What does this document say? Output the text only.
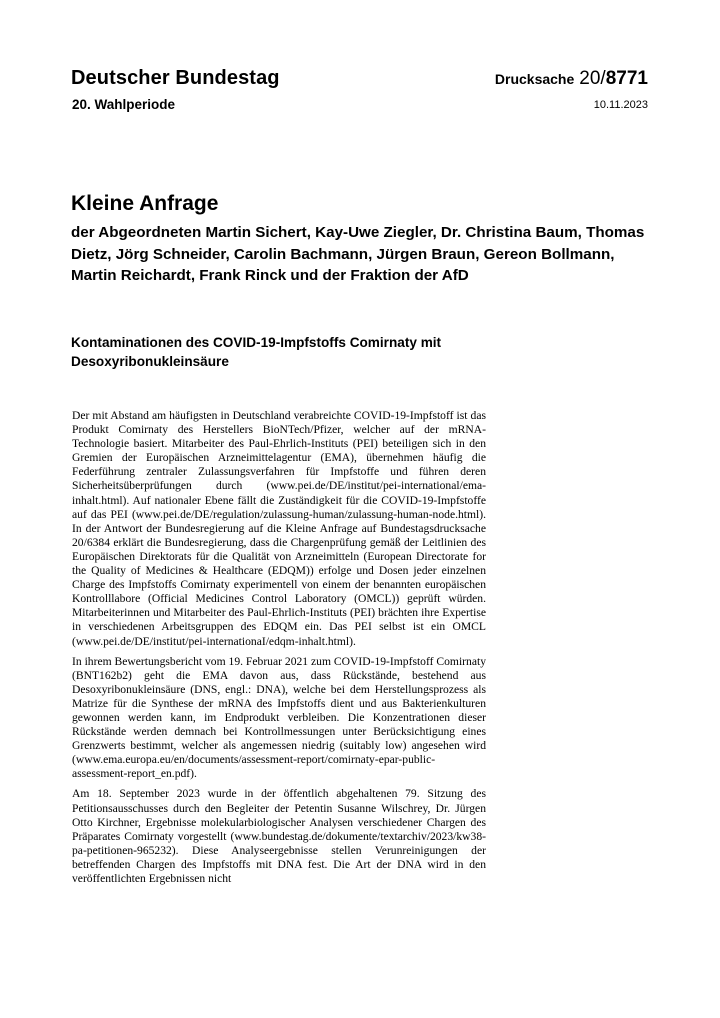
Deutscher Bundestag
20. Wahlperiode
Drucksache 20/8771
10.11.2023
Kleine Anfrage
der Abgeordneten Martin Sichert, Kay-Uwe Ziegler, Dr. Christina Baum, Thomas Dietz, Jörg Schneider, Carolin Bachmann, Jürgen Braun, Gereon Bollmann, Martin Reichardt, Frank Rinck und der Fraktion der AfD
Kontaminationen des COVID-19-Impfstoffs Comirnaty mit Desoxyribonukleinsäure

Der mit Abstand am häufigsten in Deutschland verabreichte COVID-19-Impfstoff ist das Produkt Comirnaty des Herstellers BioNTech/Pfizer, welcher auf der mRNA-Technologie basiert. Mitarbeiter des Paul-Ehrlich-Instituts (PEI) beteiligen sich in den Gremien der Europäischen Arzneimittelagentur (EMA), übernehmen häufig die Federführung zentraler Zulassungsverfahren für Impfstoffe und führen deren Sicherheitsüberprüfungen durch (www.pei.de/DE/institut/pei-international/ema-inhalt.html). Auf nationaler Ebene fällt die Zuständigkeit für die COVID-19-Impfstoffe auf das PEI (www.pei.de/DE/regulation/zulassung-human/zulassung-human-node.html). In der Antwort der Bundesregierung auf die Kleine Anfrage auf Bundestagsdrucksache 20/6384 erklärt die Bundesregierung, dass die Chargenprüfung gemäß der Leitlinien des Europäischen Direktorats für die Qualität von Arzneimitteln (European Directorate for the Quality of Medicines & Healthcare (EDQM)) erfolge und Dosen jeder einzelnen Charge des Impfstoffs Comirnaty experimentell von einem der benannten europäischen Kontrolllabore (Official Medicines Control Laboratory (OMCL)) geprüft würden. Mitarbeiterinnen und Mitarbeiter des Paul-Ehrlich-Instituts (PEI) brächten ihre Expertise in verschiedenen Arbeitsgruppen des EDQM ein. Das PEI selbst ist ein OMCL (www.pei.de/DE/institut/pei-internationaI/edqm-inhalt.html).

In ihrem Bewertungsbericht vom 19. Februar 2021 zum COVID-19-Impfstoff Comirnaty (BNT162b2) geht die EMA davon aus, dass Rückstände, bestehend aus Desoxyribonukleinsäure (DNS, engl.: DNA), welche bei dem Herstellungsprozess als Matrize für die Synthese der mRNA des Impfstoffs dient und aus Bakterienkulturen gewonnen werden kann, im Endprodukt verbleiben. Die Konzentrationen dieser Rückstände werden demnach bei Kontrollmessungen unter Berücksichtigung eines Grenzwerts bestimmt, welcher als angemessen niedrig (suitably low) angesehen wird (www.ema.europa.eu/en/documents/assessment-report/comirnaty-epar-public-assessment-report_en.pdf).

Am 18. September 2023 wurde in der öffentlich abgehaltenen 79. Sitzung des Petitionsausschusses durch den Begleiter der Petentin Susanne Wilschrey, Dr. Jürgen Otto Kirchner, Ergebnisse molekularbiologischer Analysen verschiedener Chargen des Präparates Comirnaty vorgestellt (www.bundestag.de/dokumente/textarchiv/2023/kw38-pa-petitionen-965232). Diese Analyseergebnisse stellen Verunreinigungen der betreffenden Chargen des Impfstoffs mit DNA fest. Die Art der DNA wird in den veröffentlichten Ergebnissen nicht
